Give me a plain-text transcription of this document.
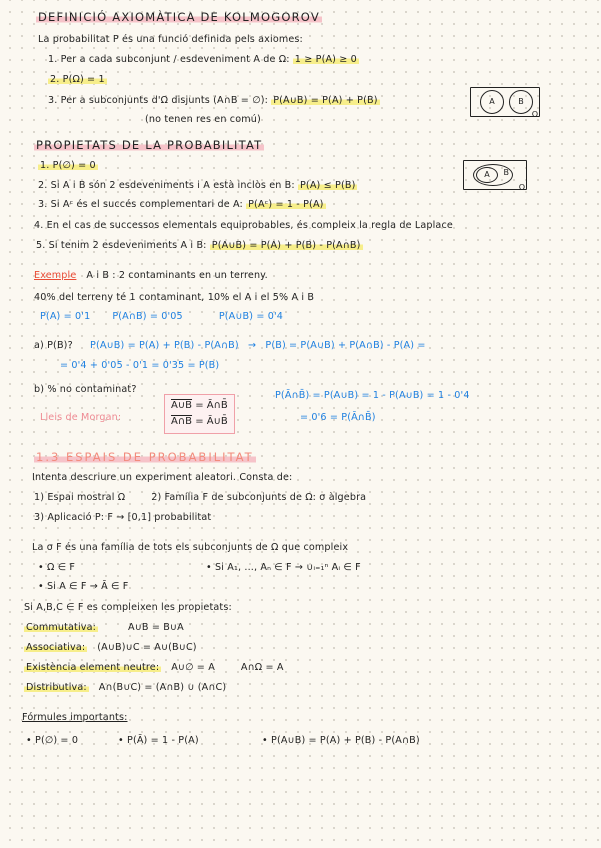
DEFINICIÓ AXIOMÀTICA DE KOLMOGOROV
La probabilitat P és una funció definida pels axiomes:
1. Per a cada subconjunt / esdeveniment A de Ω: 1 ≥ P(A) ≥ 0
2. P(Ω) = 1
3. Per a subconjunts d'Ω disjunts (A∩B = ∅): P(A∪B) = P(A) + P(B)
(no tenen res en comú)
A	B
Ω
PROPIETATS DE LA PROBABILITAT
1. P(∅) = 0
2. Si A i B són 2 esdeveniments i A està inclòs en B: P(A) ≤ P(B)
3. Si Aᶜ és el succés complementari de A: P(Aᶜ) = 1 - P(A)
4. En el cas de successos elementals equiprobables, és compleix la regla de Laplace
5. Si tenim 2 esdeveniments A i B: P(A∪B) = P(A) + P(B) - P(A∩B)
A	B
Ω
Exemple A i B : 2 contaminants en un terreny.
40% del terreny té 1 contaminant, 10% el A i el 5% A i B
P(A) = 0'1 P(A∩B) = 0'05	P(A∪B) = 0'4
a) P(B)? P(A∪B) = P(A) + P(B) - P(A∩B) → P(B) = P(A∪B) + P(A∩B) - P(A) =
= 0'4 + 0'05 - 0'1 = 0'35 = P(B)
b) % no contaminat?
Lleis de Morgan:
A∪B = Ā∩B̄
A∩B = Ā∪B̄
P(Ā∩B̄) = P(A∪B) = 1 - P(A∪B) = 1 - 0'4
= 0'6 = P(Ā∩B̄)
1.3 ESPAIS DE PROBABILITAT
Intenta descriure un experiment aleatori. Consta de:
1) Espai mostral Ω	2) Família F de subconjunts de Ω: σ àlgebra
3) Aplicació P: F → [0,1] probabilitat
La σ F és una família de tots els subconjunts de Ω que compleix
• Ω ∈ F	• Si A₁, ..., Aₙ ∈ F → ∪ᵢ₌₁ⁿ Aᵢ ∈ F
• Si A ∈ F → Ā ∈ F
Si A,B,C ∈ F es compleixen les propietats:
Commutativa:	A∪B = B∪A
Associativa: (A∪B)∪C = A∪(B∪C)
Existència element neutre: A∪∅ = A	A∩Ω = A
Distributiva: A∩(B∪C) = (A∩B) ∪ (A∩C)
Fórmules importants:
• P(∅) = 0	• P(Ā) = 1 - P(A)	• P(A∪B) = P(A) + P(B) - P(A∩B)
